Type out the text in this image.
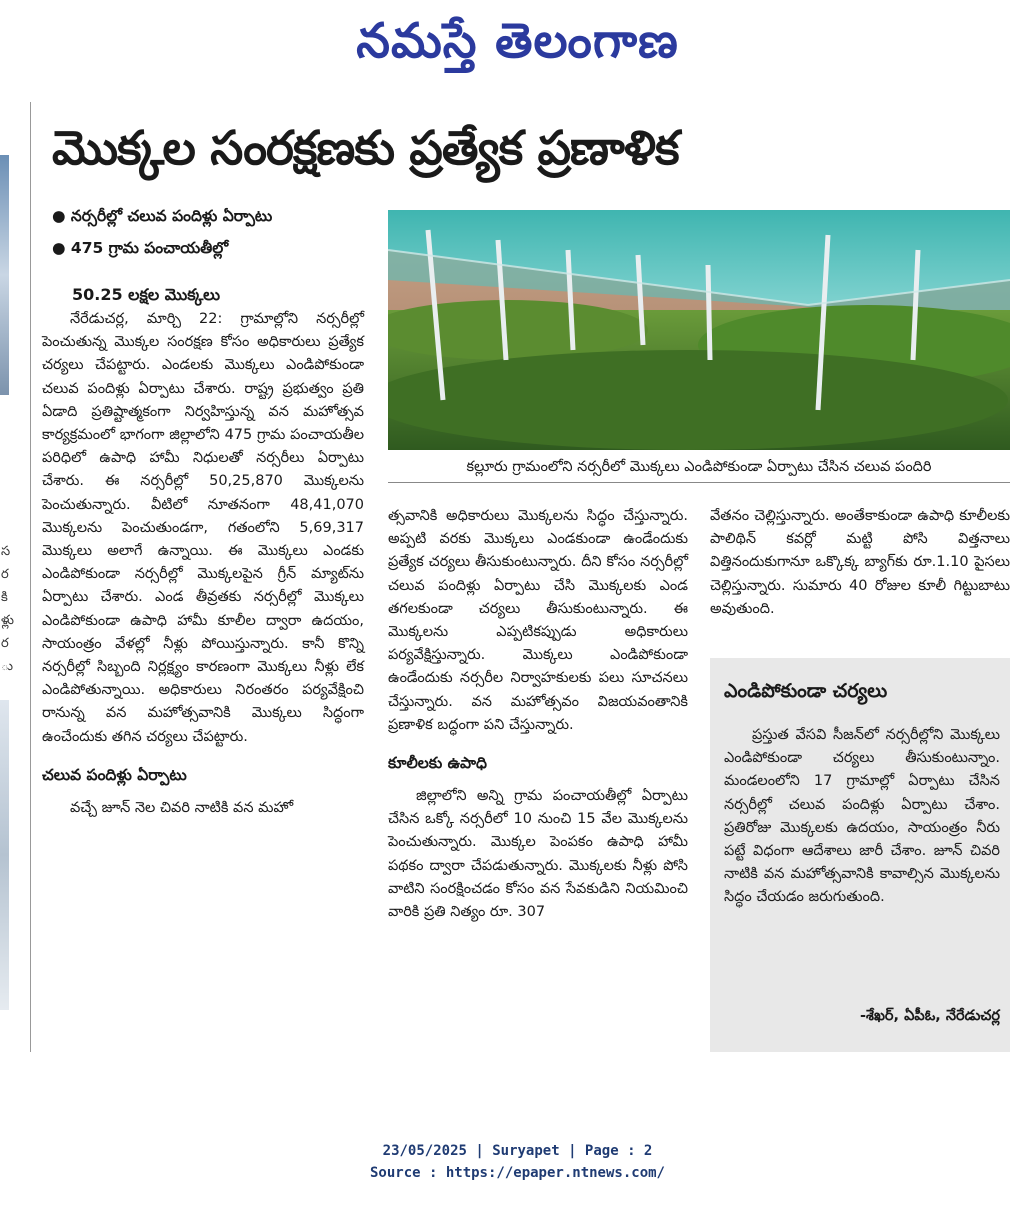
నమస్తే తెలంగాణ
స
ర
కి
ళ్లు
ర
ు
మొక్కల సంరక్షణకు ప్రత్యేక ప్రణాళిక
● నర్సరీల్లో చలువ పందిళ్లు ఏర్పాటు
● 475 గ్రామ పంచాయతీల్లో
50.25 లక్షల మొక్కలు

నేరేడుచర్ల, మార్చి 22: గ్రామాల్లోని నర్సరీల్లో పెంచుతున్న మొక్కల సంరక్షణ కోసం అధికారులు ప్రత్యేక చర్యలు చేపట్టారు. ఎండలకు మొక్కలు ఎండిపోకుండా చలువ పందిళ్లు ఏర్పాటు చేశారు. రాష్ట్ర ప్రభుత్వం ప్రతి ఏడాది ప్రతిష్టాత్మకంగా నిర్వహిస్తున్న వన మహోత్సవ కార్యక్రమంలో భాగంగా జిల్లాలోని 475 గ్రామ పంచాయతీల పరిధిలో ఉపాధి హామీ నిధులతో నర్సరీలు ఏర్పాటు చేశారు. ఈ నర్సరీల్లో 50,25,870 మొక్కలను పెంచుతున్నారు. వీటిలో నూతనంగా 48,41,070 మొక్కలను పెంచుతుండగా, గతంలోని 5,69,317 మొక్కలు అలాగే ఉన్నాయి. ఈ మొక్కలు ఎండకు ఎండిపోకుండా నర్సరీల్లో మొక్కలపైన గ్రీన్ మ్యాట్‌ను ఏర్పాటు చేశారు. ఎండ తీవ్రతకు నర్సరీల్లో మొక్కలు ఎండిపోకుండా ఉపాధి హామీ కూలీల ద్వారా ఉదయం, సాయంత్రం వేళల్లో నీళ్లు పోయిస్తున్నారు. కానీ కొన్ని నర్సరీల్లో సిబ్బంది నిర్లక్ష్యం కారణంగా మొక్కలు నీళ్లు లేక ఎండిపోతున్నాయి. అధికారులు నిరంతరం పర్యవేక్షించి రానున్న వన మహోత్సవానికి మొక్కలు సిద్ధంగా ఉంచేందుకు తగిన చర్యలు చేపట్టారు.

చలువ పందిళ్లు ఏర్పాటు

వచ్చే జూన్ నెల చివరి నాటికి వన మహో

కల్లూరు గ్రామంలోని నర్సరీలో మొక్కలు ఎండిపోకుండా ఏర్పాటు చేసిన చలువ పందిరి

త్సవానికి అధికారులు మొక్కలను సిద్ధం చేస్తున్నారు. అప్పటి వరకు మొక్కలు ఎండకుండా ఉండేందుకు ప్రత్యేక చర్యలు తీసుకుంటున్నారు. దీని కోసం నర్సరీల్లో చలువ పందిళ్లు ఏర్పాటు చేసి మొక్కలకు ఎండ తగలకుండా చర్యలు తీసుకుంటున్నారు. ఈ మొక్కలను ఎప్పటికప్పుడు అధికారులు పర్యవేక్షిస్తున్నారు. మొక్కలు ఎండిపోకుండా ఉండేందుకు నర్సరీల నిర్వాహకులకు పలు సూచనలు చేస్తున్నారు. వన మహోత్సవం విజయవంతానికి ప్రణాళిక బద్ధంగా పని చేస్తున్నారు.

కూలీలకు ఉపాధి

జిల్లాలోని అన్ని గ్రామ పంచాయతీల్లో ఏర్పాటు చేసిన ఒక్కో నర్సరీలో 10 నుంచి 15 వేల మొక్కలను పెంచుతున్నారు. మొక్కల పెంపకం ఉపాధి హామీ పథకం ద్వారా చేపడుతున్నారు. మొక్కలకు నీళ్లు పోసి వాటిని సంరక్షించడం కోసం వన సేవకుడిని నియమించి వారికి ప్రతి నిత్యం రూ. 307

వేతనం చెల్లిస్తున్నారు. అంతేకాకుండా ఉపాధి కూలీలకు పాలిథిన్ కవర్లో మట్టి పోసి విత్తనాలు విత్తినందుకుగానూ ఒక్కొక్క బ్యాగ్‌కు రూ.1.10 పైసలు చెల్లిస్తున్నారు. సుమారు 40 రోజుల కూలీ గిట్టుబాటు అవుతుంది.

ఎండిపోకుండా చర్యలు
ప్రస్తుత వేసవి సీజన్‌లో నర్సరీల్లోని మొక్కలు ఎండిపోకుండా చర్యలు తీసుకుంటున్నాం. మండలంలోని 17 గ్రామాల్లో ఏర్పాటు చేసిన నర్సరీల్లో చలువ పందిళ్లు ఏర్పాటు చేశాం. ప్రతిరోజు మొక్కలకు ఉదయం, సాయంత్రం నీరు పట్టే విధంగా ఆదేశాలు జారీ చేశాం. జూన్ చివరి నాటికి వన మహోత్సవానికి కావాల్సిన మొక్కలను సిద్ధం చేయడం జరుగుతుంది.
-శేఖర్, ఏపీఓ, నేరేడుచర్ల
23/05/2025 | Suryapet | Page : 2
Source : https://epaper.ntnews.com/
